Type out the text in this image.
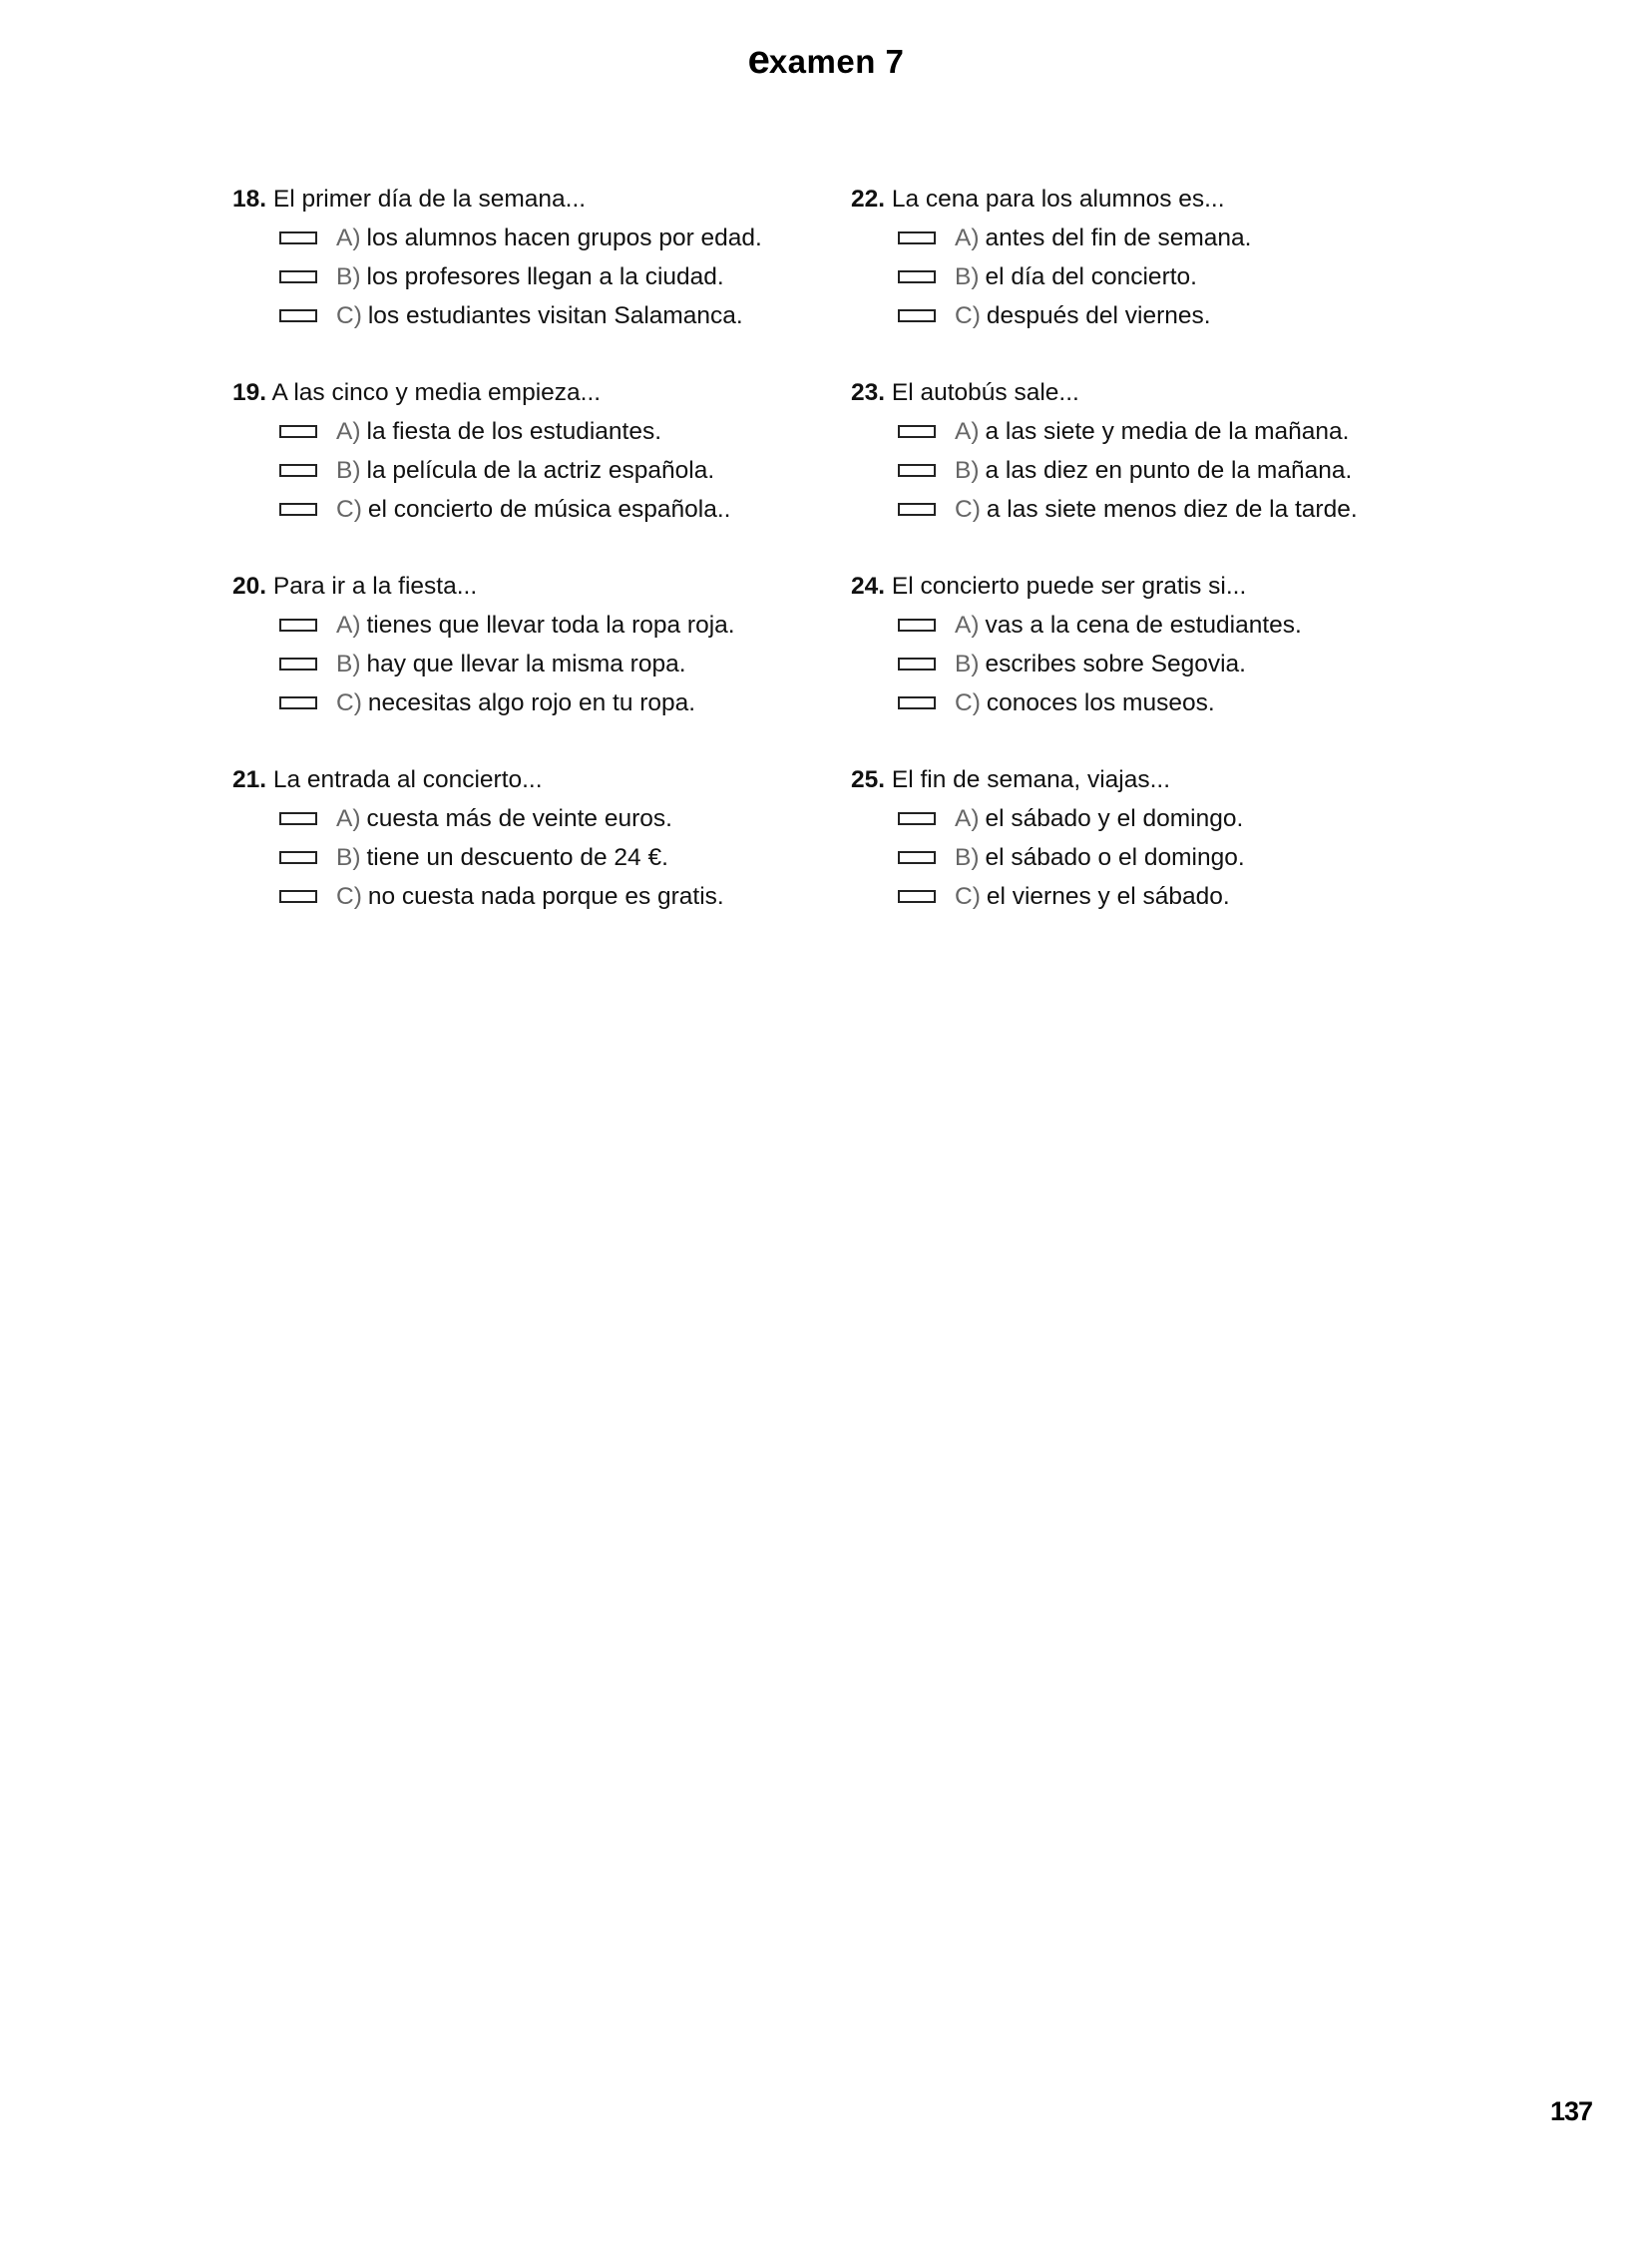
examen 7
18. El primer día de la semana...
A) los alumnos hacen grupos por edad.
B) los profesores llegan a la ciudad.
C) los estudiantes visitan Salamanca.
19. A las cinco y media empieza...
A) la fiesta de los estudiantes.
B) la película de la actriz española.
C) el concierto de música española..
20. Para ir a la fiesta...
A) tienes que llevar toda la ropa roja.
B) hay que llevar la misma ropa.
C) necesitas algo rojo en tu ropa.
21. La entrada al concierto...
A) cuesta más de veinte euros.
B) tiene un descuento de 24 €.
C) no cuesta nada porque es gratis.
22. La cena para los alumnos es...
A) antes del fin de semana.
B) el día del concierto.
C) después del viernes.
23. El autobús sale...
A) a las siete y media de la mañana.
B) a las diez en punto de la mañana.
C) a las siete menos diez de la tarde.
24. El concierto puede ser gratis si...
A) vas a la cena de estudiantes.
B) escribes sobre Segovia.
C) conoces los museos.
25. El fin de semana, viajas...
A) el sábado y el domingo.
B) el sábado o el domingo.
C) el viernes y el sábado.
137
